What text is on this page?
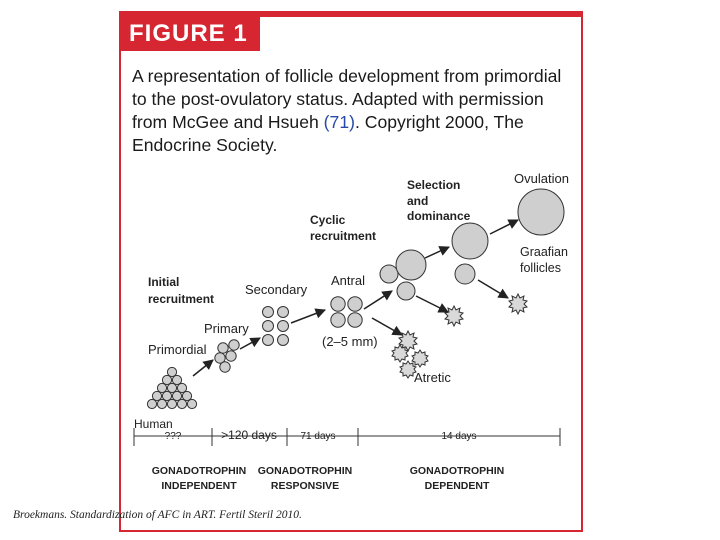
FIGURE 1

A representation of follicle development from primordial to the post-ovulatory status. Adapted with permission from McGee and Hsueh (71). Copyright 2000, The Endocrine Society.

Initial
recruitment
Primordial
Primary
Secondary
Cyclic
recruitment
Antral
(2–5 mm)
Selection
and
dominance
Ovulation
Graafian
follicles
Atretic
Human
???	>120 days 71 days	14 days
GONADOTROPHIN
INDEPENDENT
GONADOTROPHIN
RESPONSIVE
GONADOTROPHIN
DEPENDENT
Broekmans. Standardization of AFC in ART. Fertil Steril 2010.
